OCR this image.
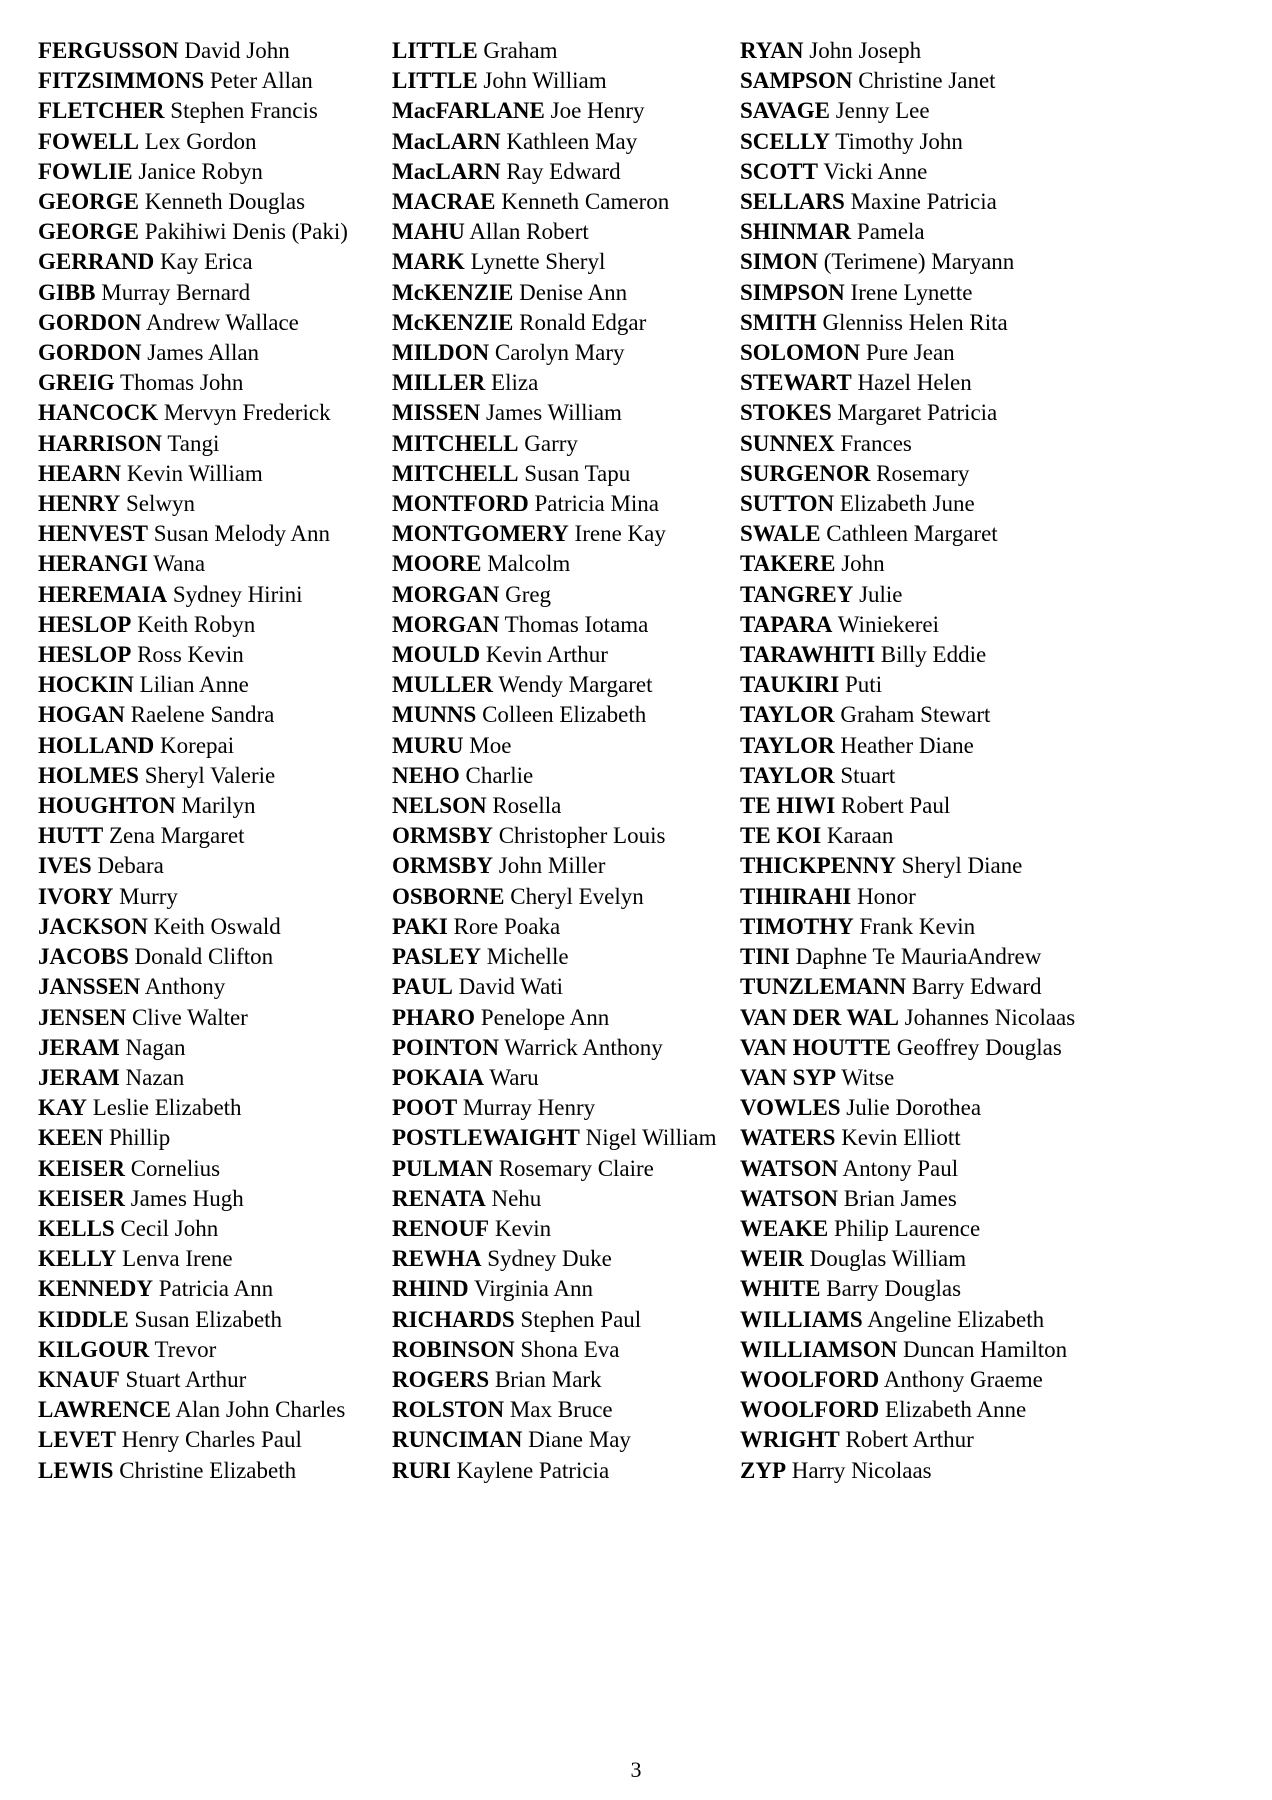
FERGUSSON David John
FITZSIMMONS Peter Allan
FLETCHER Stephen Francis
FOWELL Lex Gordon
FOWLIE Janice Robyn
GEORGE Kenneth Douglas
GEORGE Pakihiwi Denis (Paki)
GERRAND Kay Erica
GIBB Murray Bernard
GORDON Andrew Wallace
GORDON James Allan
GREIG Thomas John
HANCOCK Mervyn Frederick
HARRISON Tangi
HEARN Kevin William
HENRY Selwyn
HENVEST Susan Melody Ann
HERANGI Wana
HEREMAIA Sydney Hirini
HESLOP Keith Robyn
HESLOP Ross Kevin
HOCKIN Lilian Anne
HOGAN Raelene Sandra
HOLLAND Korepai
HOLMES Sheryl Valerie
HOUGHTON Marilyn
HUTT Zena Margaret
IVES Debara
IVORY Murry
JACKSON Keith Oswald
JACOBS Donald Clifton
JANSSEN Anthony
JENSEN Clive Walter
JERAM Nagan
JERAM Nazan
KAY Leslie Elizabeth
KEEN Phillip
KEISER Cornelius
KEISER James Hugh
KELLS Cecil John
KELLY Lenva Irene
KENNEDY Patricia Ann
KIDDLE Susan Elizabeth
KILGOUR Trevor
KNAUF Stuart Arthur
LAWRENCE Alan John Charles
LEVET Henry Charles Paul
LEWIS Christine Elizabeth
LITTLE Graham
LITTLE John William
MacFARLANE Joe Henry
MacLARN Kathleen May
MacLARN Ray Edward
MACRAE Kenneth Cameron
MAHU Allan Robert
MARK Lynette Sheryl
McKENZIE Denise Ann
McKENZIE Ronald Edgar
MILDON Carolyn Mary
MILLER Eliza
MISSEN James William
MITCHELL Garry
MITCHELL Susan Tapu
MONTFORD Patricia Mina
MONTGOMERY Irene Kay
MOORE Malcolm
MORGAN Greg
MORGAN Thomas Iotama
MOULD Kevin Arthur
MULLER Wendy Margaret
MUNNS Colleen Elizabeth
MURU Moe
NEHO Charlie
NELSON Rosella
ORMSBY Christopher Louis
ORMSBY John Miller
OSBORNE Cheryl Evelyn
PAKI Rore Poaka
PASLEY Michelle
PAUL David Wati
PHARO Penelope Ann
POINTON Warrick Anthony
POKAIA Waru
POOT Murray Henry
POSTLEWAIGHT Nigel William
PULMAN Rosemary Claire
RENATA Nehu
RENOUF Kevin
REWHA Sydney Duke
RHIND Virginia Ann
RICHARDS Stephen Paul
ROBINSON Shona Eva
ROGERS Brian Mark
ROLSTON Max Bruce
RUNCIMAN Diane May
RURI Kaylene Patricia
RYAN John Joseph
SAMPSON Christine Janet
SAVAGE Jenny Lee
SCELLY Timothy John
SCOTT Vicki Anne
SELLARS Maxine Patricia
SHINMAR Pamela
SIMON (Terimene) Maryann
SIMPSON Irene Lynette
SMITH Glenniss Helen Rita
SOLOMON Pure Jean
STEWART Hazel Helen
STOKES Margaret Patricia
SUNNEX Frances
SURGENOR Rosemary
SUTTON Elizabeth June
SWALE Cathleen Margaret
TAKERE John
TANGREY Julie
TAPARA Winiekerei
TARAWHITI Billy Eddie
TAUKIRI Puti
TAYLOR Graham Stewart
TAYLOR Heather Diane
TAYLOR Stuart
TE HIWI Robert Paul
TE KOI Karaan
THICKPENNY Sheryl Diane
TIHIRAHI Honor
TIMOTHY Frank Kevin
TINI Daphne Te MauriaAndrew
TUNZLEMANN Barry Edward
VAN DER WAL Johannes Nicolaas
VAN HOUTTE Geoffrey Douglas
VAN SYP Witse
VOWLES Julie Dorothea
WATERS Kevin Elliott
WATSON Antony Paul
WATSON Brian James
WEAKE Philip Laurence
WEIR Douglas William
WHITE Barry Douglas
WILLIAMS Angeline Elizabeth
WILLIAMSON Duncan Hamilton
WOOLFORD Anthony Graeme
WOOLFORD Elizabeth Anne
WRIGHT Robert Arthur
ZYP Harry Nicolaas
3
